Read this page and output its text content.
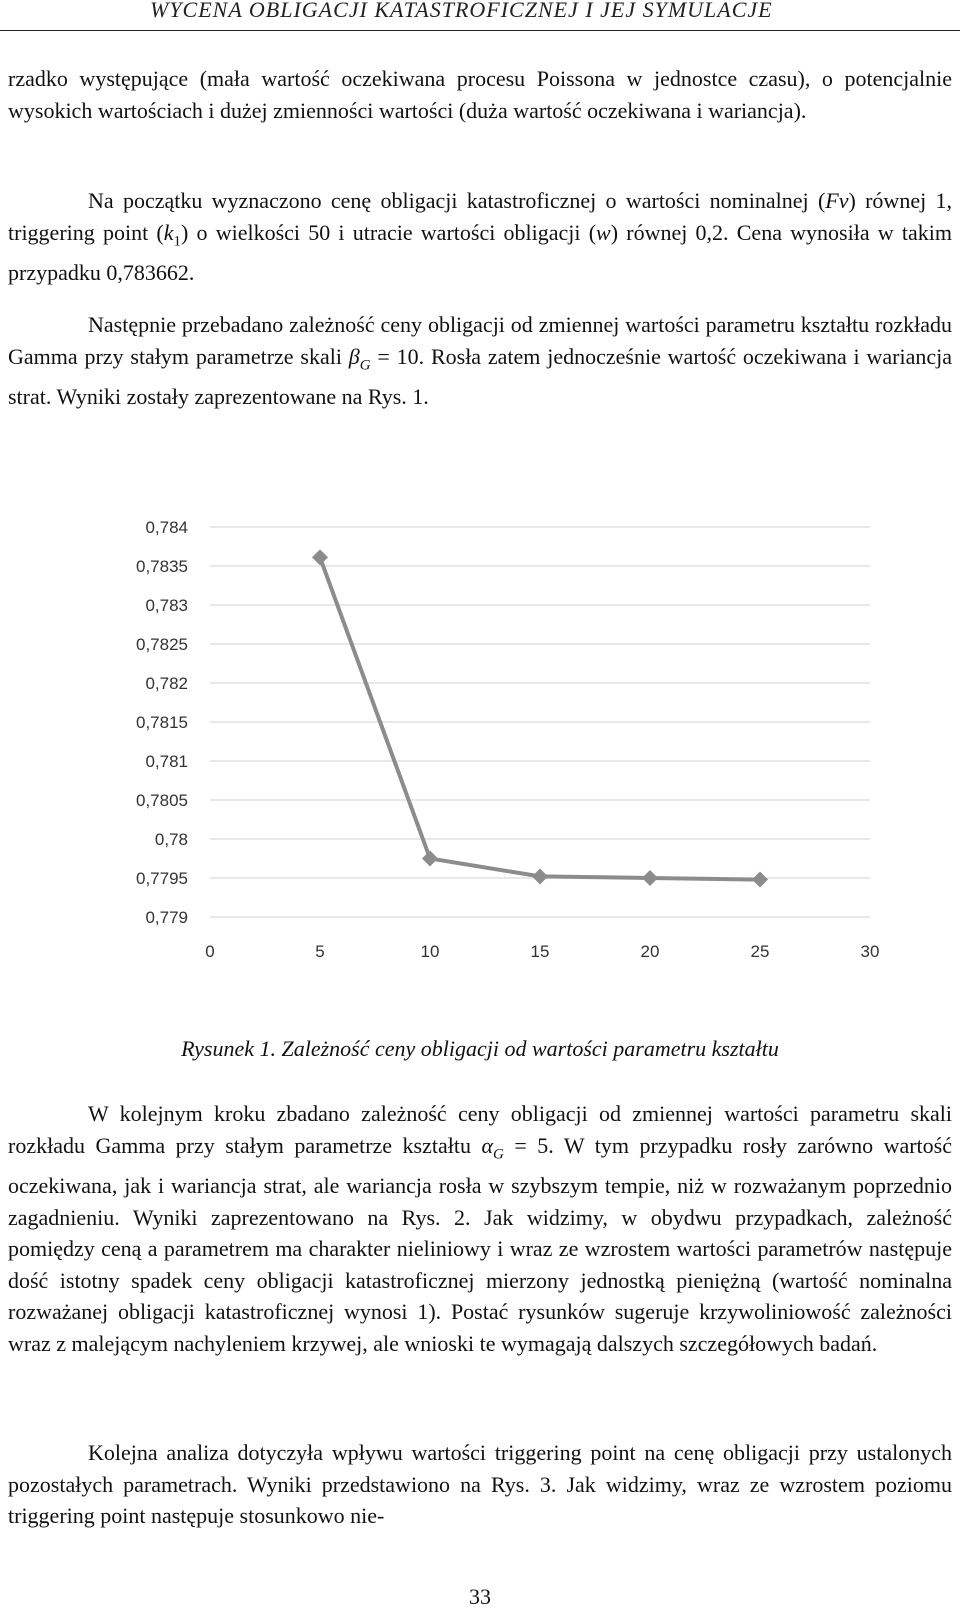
WYCENA OBLIGACJI KATASTROFICZNEJ I JEJ SYMULACJE

rzadko występujące (mała wartość oczekiwana procesu Poissona w jednostce czasu), o potencjalnie wysokich wartościach i dużej zmienności wartości (duża wartość oczekiwana i wariancja).

Na początku wyznaczono cenę obligacji katastroficznej o wartości nominalnej (Fv) równej 1, triggering point $(k_1)$ o wielkości 50 i utracie wartości obligacji (w) równej 0,2. Cena wynosiła w takim przypadku 0,783662.

Następnie przebadano zależność ceny obligacji od zmiennej wartości parametru kształtu rozkładu Gamma przy stałym parametrze skali $\beta_G = 10$. Rosła zatem jednocześnie wartość oczekiwana i wariancja strat. Wyniki zostały zaprezentowane na Rys. 1.

0,779
0,7795
0,78
0,7805
0,781
0,7815
0,782
0,7825
0,783
0,7835
0,784
0	5	10	15	20	25	30
Rysunek 1. Zależność ceny obligacji od wartości parametru kształtu

W kolejnym kroku zbadano zależność ceny obligacji od zmiennej wartości parametru skali rozkładu Gamma przy stałym parametrze kształtu $\alpha_G = 5$. W tym przypadku rosły zarówno wartość oczekiwana, jak i wariancja strat, ale wariancja rosła w szybszym tempie, niż w rozważanym poprzednio zagadnieniu. Wyniki zaprezentowano na Rys. 2. Jak widzimy, w obydwu przypadkach, zależność pomiędzy ceną a parametrem ma charakter nieliniowy i wraz ze wzrostem wartości parametrów następuje dość istotny spadek ceny obligacji katastroficznej mierzony jednostką pieniężną (wartość nominalna rozważanej obligacji katastroficznej wynosi 1). Postać rysunków sugeruje krzywoliniowość zależności wraz z malejącym nachyleniem krzywej, ale wnioski te wymagają dalszych szczegółowych badań.

Kolejna analiza dotyczyła wpływu wartości triggering point na cenę obligacji przy ustalonych pozostałych parametrach. Wyniki przedstawiono na Rys. 3. Jak widzimy, wraz ze wzrostem poziomu triggering point następuje stosunkowo nie-

33
